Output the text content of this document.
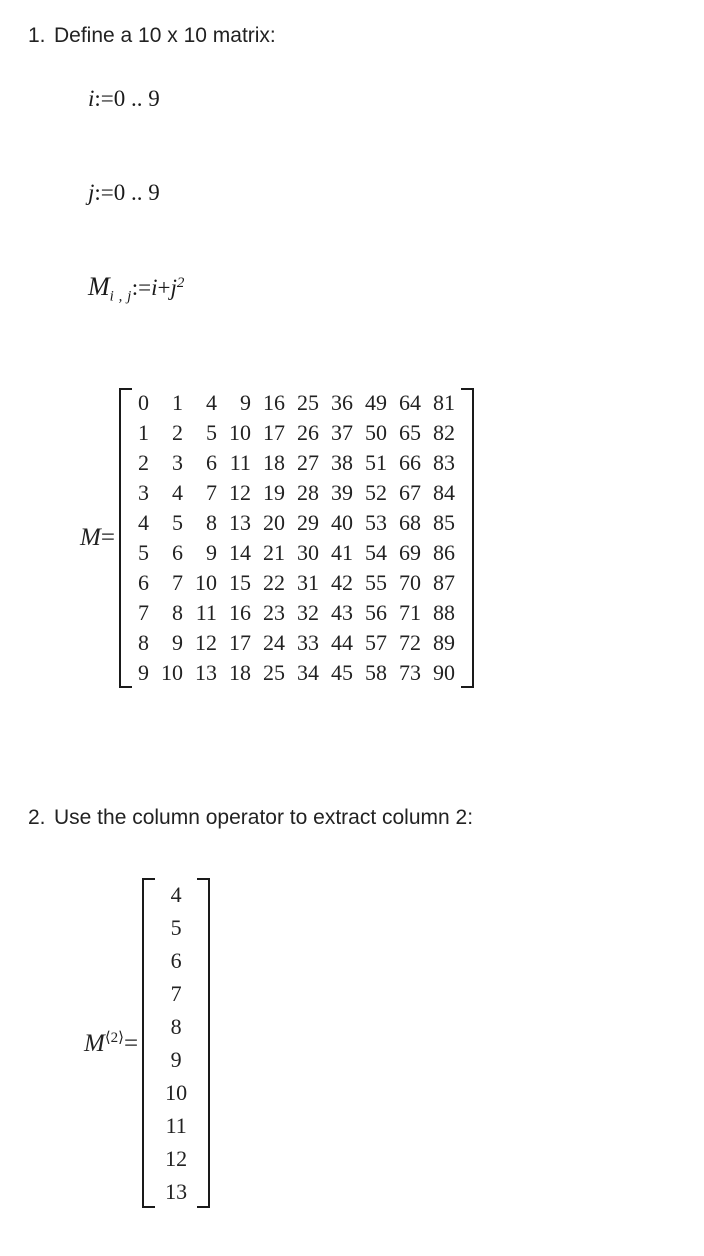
1. Define a 10 x 10 matrix:
i:=0 .. 9
j:=0 .. 9
$M_{i , j}:=i+j^2$
M=
0	1	4	9	16	25	36	49	64	81
1	2	5	10	17	26	37	50	65	82
2	3	6	11	18	27	38	51	66	83
3	4	7	12	19	28	39	52	67	84
4	5	8	13	20	29	40	53	68	85
5	6	9	14	21	30	41	54	69	86
6	7	10	15	22	31	42	55	70	87
7	8	11	16	23	32	43	56	71	88
8	9	12	17	24	33	44	57	72	89
9	10	13	18	25	34	45	58	73	90
2. Use the column operator to extract column 2:
$M^{⟨2⟩}=$
4
5
6
7
8
9
10
11
12
13
